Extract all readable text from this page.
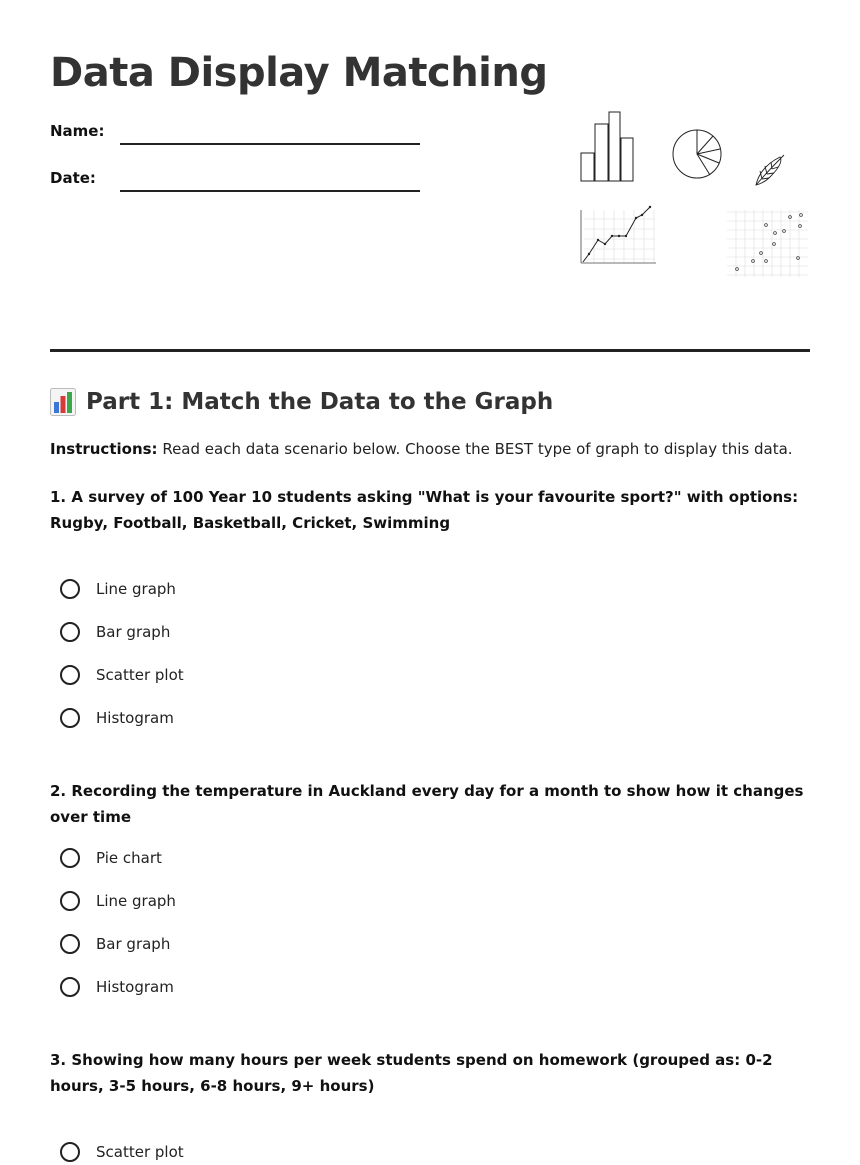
Data Display Matching
Name:
Date:
Part 1: Match the Data to the Graph
Instructions: Read each data scenario below. Choose the BEST type of graph to display this data.
1. A survey of 100 Year 10 students asking "What is your favourite sport?" with options: Rugby, Football, Basketball, Cricket, Swimming
Line graph
Bar graph
Scatter plot
Histogram
2. Recording the temperature in Auckland every day for a month to show how it changes over time
Pie chart
Line graph
Bar graph
Histogram
3. Showing how many hours per week students spend on homework (grouped as: 0-2 hours, 3-5 hours, 6-8 hours, 9+ hours)
Scatter plot
